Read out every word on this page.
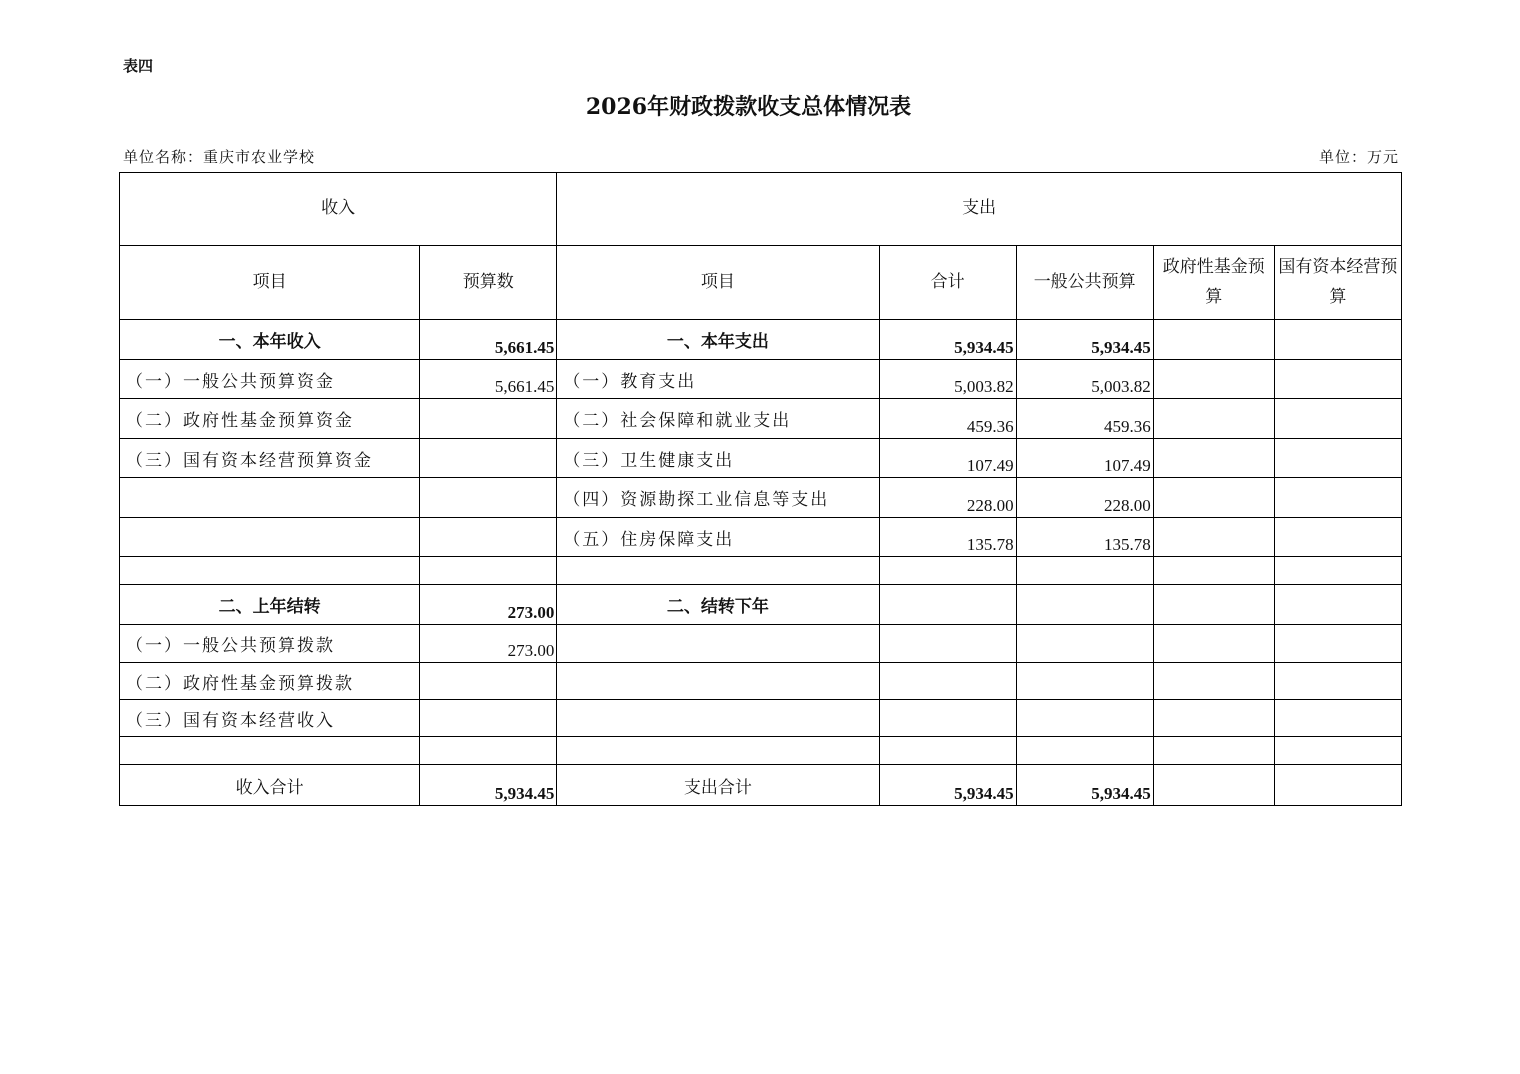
表四
2026年财政拨款收支总体情况表
单位名称：重庆市农业学校	单位：万元
收入		支出				
项目	预算数	项目	合计	一般公共预算	政府性基金预算	国有资本经营预算
一、本年收入	5,661.45	一、本年支出	5,934.45	5,934.45		
（一）一般公共预算资金	5,661.45	（一）教育支出	5,003.82	5,003.82		
（二）政府性基金预算资金		（二）社会保障和就业支出	459.36	459.36		
（三）国有资本经营预算资金		（三）卫生健康支出	107.49	107.49		
		（四）资源勘探工业信息等支出	228.00	228.00		
		（五）住房保障支出	135.78	135.78		

二、上年结转	273.00	二、结转下年				
（一）一般公共预算拨款	273.00					
（二）政府性基金预算拨款						
（三）国有资本经营收入						

收入合计	5,934.45	支出合计	5,934.45	5,934.45		
